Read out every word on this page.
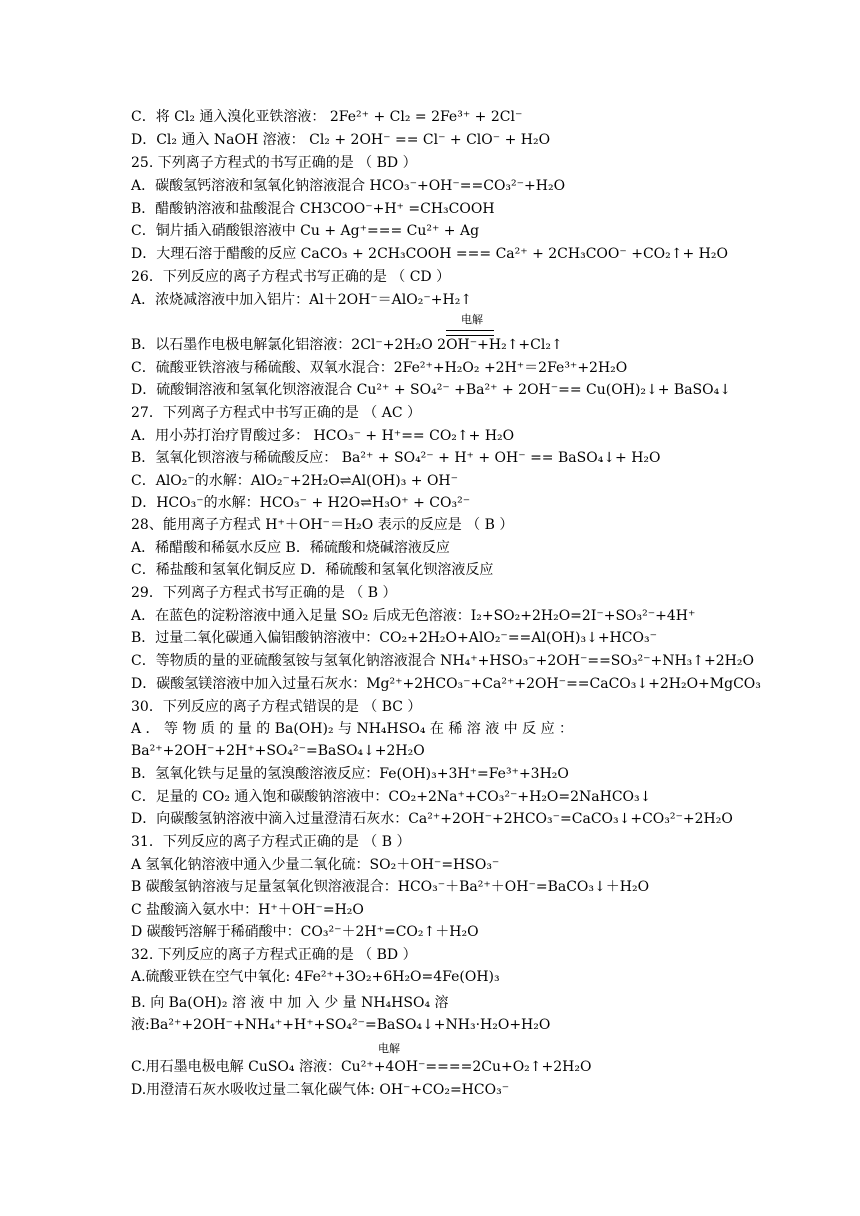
C．将 Cl₂ 通入溴化亚铁溶液： 2Fe²⁺ + Cl₂ = 2Fe³⁺ + 2Cl⁻
D．Cl₂ 通入 NaOH 溶液： Cl₂ + 2OH⁻ == Cl⁻ + ClO⁻ + H₂O
25. 下列离子方程式的书写正确的是 （ BD ）
A．碳酸氢钙溶液和氢氧化钠溶液混合 HCO₃⁻+OH⁻==CO₃²⁻+H₂O
B．醋酸钠溶液和盐酸混合 CH3COO⁻+H⁺ =CH₃COOH
C．铜片插入硝酸银溶液中 Cu + Ag⁺=== Cu²⁺ + Ag
D．大理石溶于醋酸的反应 CaCO₃ + 2CH₃COOH === Ca²⁺ + 2CH₃COO⁻ +CO₂↑+ H₂O
26．下列反应的离子方程式书写正确的是 （ CD ）
A．浓烧减溶液中加入铝片：Al＋2OH⁻＝AlO₂⁻+H₂↑
B．以石墨作电极电解氯化铝溶液：2Cl⁻+2H₂O 2OH⁻+H₂↑+Cl₂↑
C．硫酸亚铁溶液与稀硫酸、双氧水混合：2Fe²⁺+H₂O₂ +2H⁺＝2Fe³⁺+2H₂O
D．硫酸铜溶液和氢氧化钡溶液混合 Cu²⁺ + SO₄²⁻ +Ba²⁺ + 2OH⁻== Cu(OH)₂↓+ BaSO₄↓
27．下列离子方程式中书写正确的是 （ AC ）
A．用小苏打治疗胃酸过多： HCO₃⁻ + H⁺== CO₂↑+ H₂O
B．氢氧化钡溶液与稀硫酸反应： Ba²⁺ + SO₄²⁻ + H⁺ + OH⁻ == BaSO₄↓+ H₂O
C．AlO₂⁻的水解：AlO₂⁻+2H₂O⇌Al(OH)₃ + OH⁻
D．HCO₃⁻的水解：HCO₃⁻ + H2O⇌H₃O⁺ + CO₃²⁻
28、能用离子方程式 H⁺＋OH⁻＝H₂O 表示的反应是 （ B ）
A．稀醋酸和稀氨水反应 B．稀硫酸和烧碱溶液反应
C．稀盐酸和氢氧化铜反应 D．稀硫酸和氢氧化钡溶液反应
29．下列离子方程式书写正确的是 （ B ）
A．在蓝色的淀粉溶液中通入足量 SO₂ 后成无色溶液：I₂+SO₂+2H₂O=2I⁻+SO₃²⁻+4H⁺
B．过量二氧化碳通入偏铝酸钠溶液中：CO₂+2H₂O+AlO₂⁻==Al(OH)₃↓+HCO₃⁻
C．等物质的量的亚硫酸氢铵与氢氧化钠溶液混合 NH₄⁺+HSO₃⁻+2OH⁻==SO₃²⁻+NH₃↑+2H₂O
D．碳酸氢镁溶液中加入过量石灰水：Mg²⁺+2HCO₃⁻+Ca²⁺+2OH⁻==CaCO₃↓+2H₂O+MgCO₃
30．下列反应的离子方程式错误的是 （ BC ）
A ． 等 物 质 的 量 的 Ba(OH)₂ 与 NH₄HSO₄ 在 稀 溶 液 中 反 应 ：
Ba²⁺+2OH⁻+2H⁺+SO₄²⁻=BaSO₄↓+2H₂O
B．氢氧化铁与足量的氢溴酸溶液反应：Fe(OH)₃+3H⁺=Fe³⁺+3H₂O
C．足量的 CO₂ 通入饱和碳酸钠溶液中：CO₂+2Na⁺+CO₃²⁻+H₂O=2NaHCO₃↓
D．向碳酸氢钠溶液中滴入过量澄清石灰水：Ca²⁺+2OH⁻+2HCO₃⁻=CaCO₃↓+CO₃²⁻+2H₂O
31．下列反应的离子方程式正确的是 （ B ）
A 氢氧化钠溶液中通入少量二氧化硫：SO₂＋OH⁻=HSO₃⁻
B 碳酸氢钠溶液与足量氢氧化钡溶液混合：HCO₃⁻＋Ba²⁺＋OH⁻=BaCO₃↓＋H₂O
C 盐酸滴入氨水中：H⁺＋OH⁻=H₂O
D 碳酸钙溶解于稀硝酸中：CO₃²⁻＋2H⁺=CO₂↑＋H₂O
32. 下列反应的离子方程式正确的是 （ BD ）
A.硫酸亚铁在空气中氧化: 4Fe²⁺+3O₂+6H₂O=4Fe(OH)₃
B. 向 Ba(OH)₂ 溶 液 中 加 入 少 量 NH₄HSO₄ 溶
液:Ba²⁺+2OH⁻+NH₄⁺+H⁺+SO₄²⁻=BaSO₄↓+NH₃·H₂O+H₂O
C.用石墨电极电解 CuSO₄ 溶液：Cu²⁺+4OH⁻====2Cu+O₂↑+2H₂O
D.用澄清石灰水吸收过量二氧化碳气体: OH⁻+CO₂=HCO₃⁻
电解
电解
